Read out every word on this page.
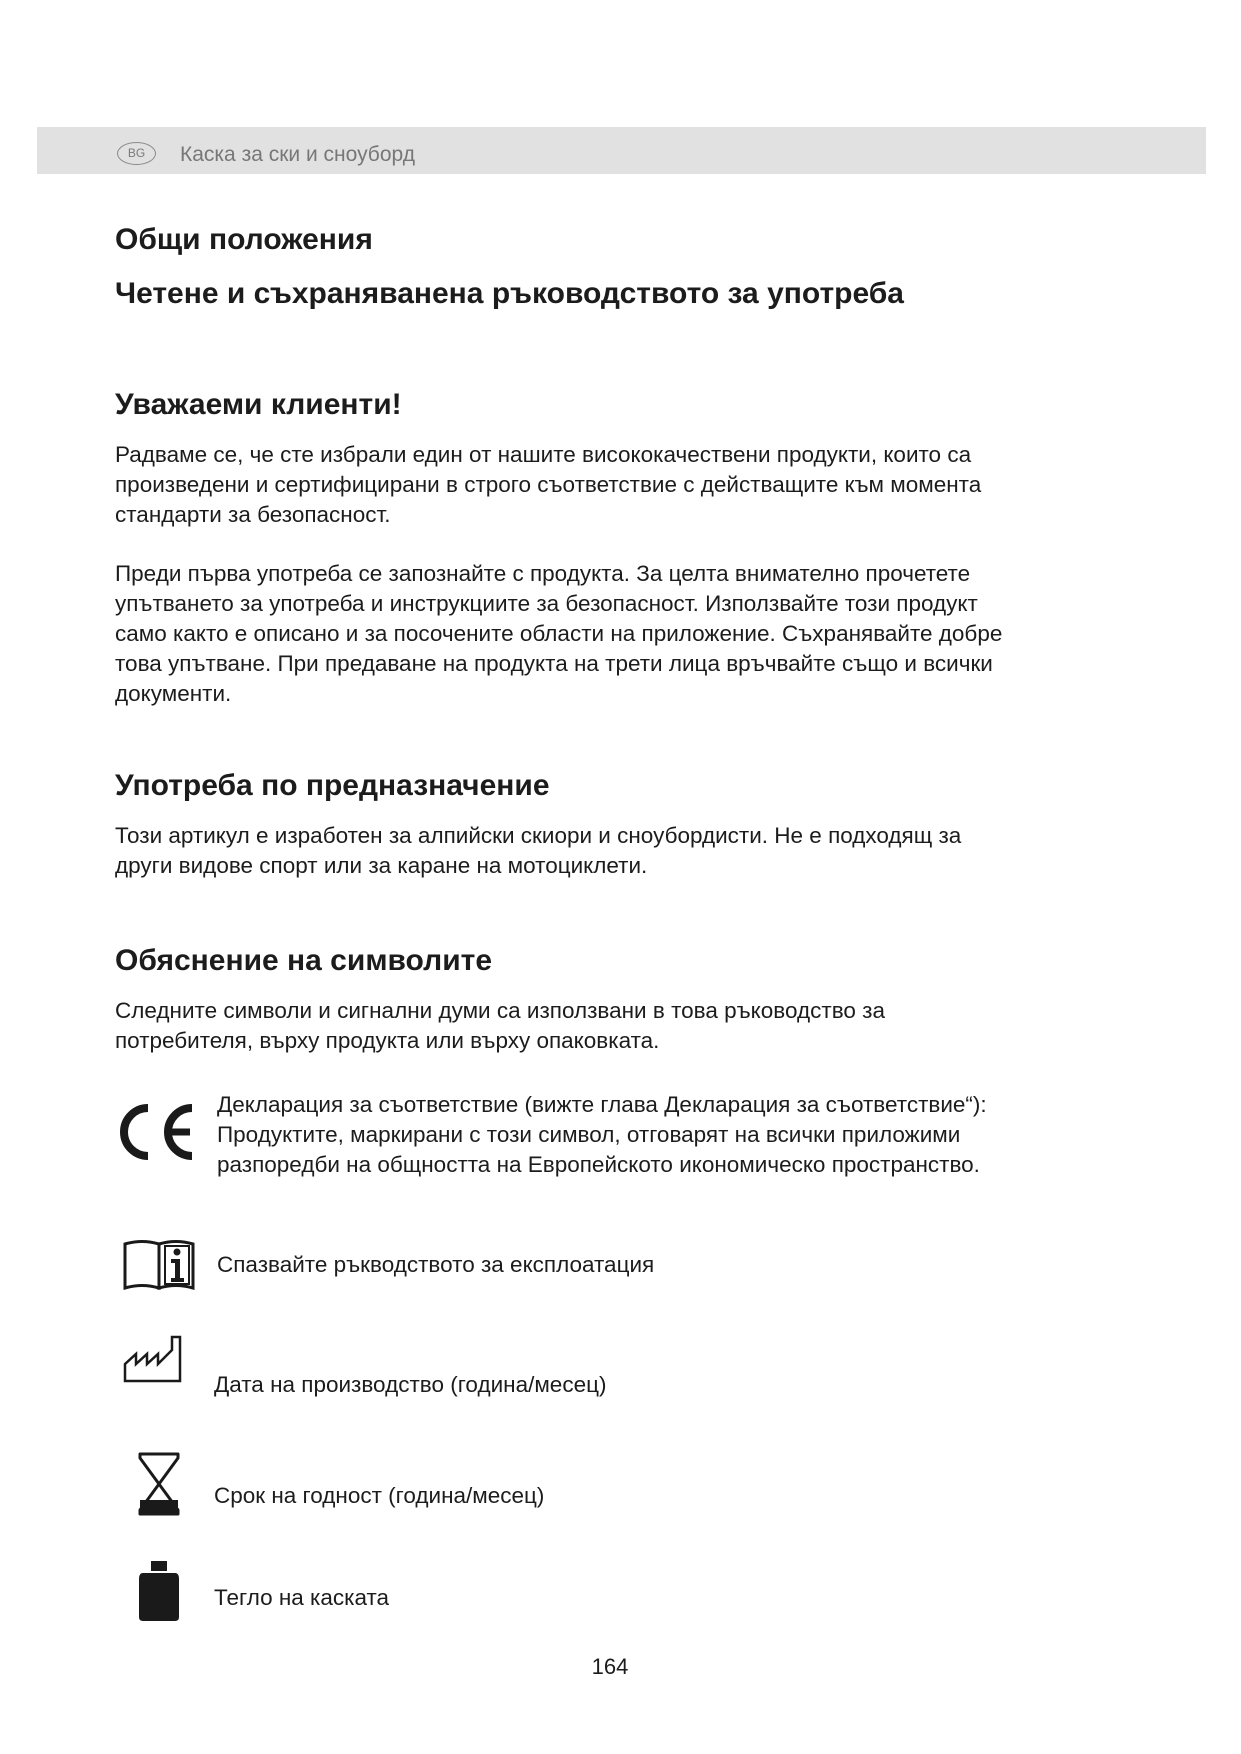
BG	Каска за ски и сноуборд
Общи положения
Четене и съхраняванена ръководството за употреба
Уважаеми клиенти!
Радваме се, че сте избрали един от нашите висококачествени продукти, които са
произведени и сертифицирани в строго съответствие с действащите към момента
стандарти за безопасност.
Преди първа употреба се запознайте с продукта. За целта внимателно прочетете
упътването за употреба и инструкциите за безопасност. Използвайте този продукт
само както е описано и за посочените области на приложение. Съхранявайте добре
това упътване. При предаване на продукта на трети лица връчвайте също и всички
документи.
Употреба по предназначение
Този артикул е изработен за алпийски скиори и сноубордисти. Не е подходящ за
други видове спорт или за каране на мотоциклети.
Обяснение на символите
Следните символи и сигнални думи са използвани в това ръководство за
потребителя, върху продукта или върху опаковката.
Декларация за съответствие (вижте глава Декларация за съответствие“):
Продуктите, маркирани с този символ, отговарят на всички приложими
разпоредби на общността на Европейското икономическо пространство.
Спазвайте ръкводството за експлоатация
Дата на производство (година/месец)
Срок на годност (година/месец)
Тегло на каската
164
